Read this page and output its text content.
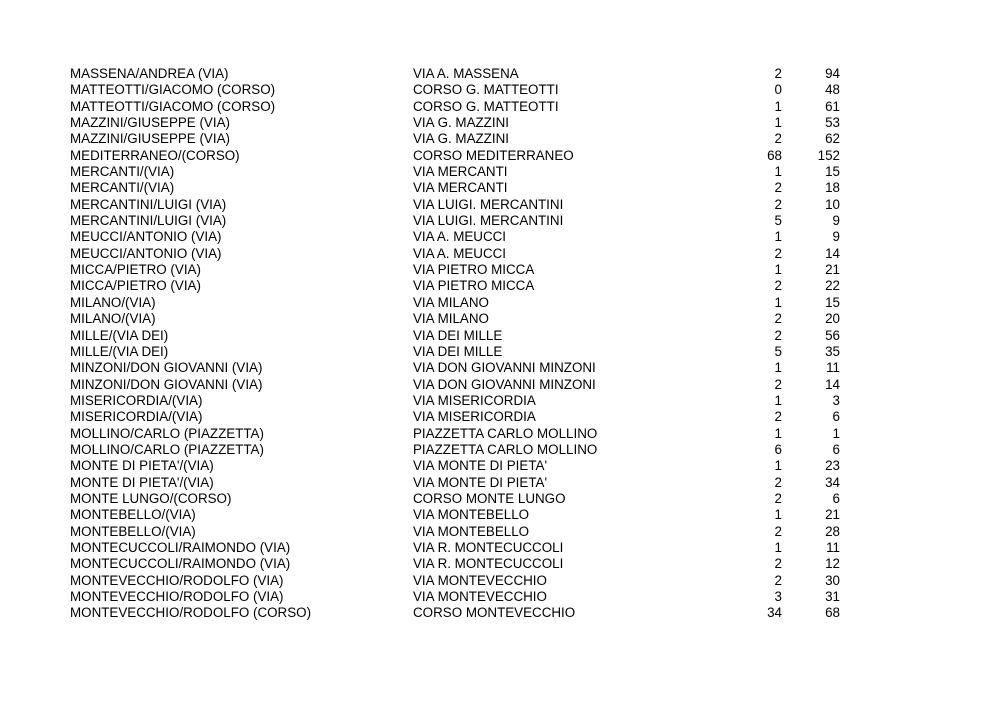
MASSENA/ANDREA (VIA)	VIA A. MASSENA	2	94
MATTEOTTI/GIACOMO (CORSO)	CORSO G. MATTEOTTI	0	48
MATTEOTTI/GIACOMO (CORSO)	CORSO G. MATTEOTTI	1	61
MAZZINI/GIUSEPPE (VIA)	VIA G. MAZZINI	1	53
MAZZINI/GIUSEPPE (VIA)	VIA G. MAZZINI	2	62
MEDITERRANEO/(CORSO)	CORSO MEDITERRANEO	68	152
MERCANTI/(VIA)	VIA MERCANTI	1	15
MERCANTI/(VIA)	VIA MERCANTI	2	18
MERCANTINI/LUIGI (VIA)	VIA LUIGI. MERCANTINI	2	10
MERCANTINI/LUIGI (VIA)	VIA LUIGI. MERCANTINI	5	9
MEUCCI/ANTONIO (VIA)	VIA A. MEUCCI	1	9
MEUCCI/ANTONIO (VIA)	VIA A. MEUCCI	2	14
MICCA/PIETRO (VIA)	VIA PIETRO MICCA	1	21
MICCA/PIETRO (VIA)	VIA PIETRO MICCA	2	22
MILANO/(VIA)	VIA MILANO	1	15
MILANO/(VIA)	VIA MILANO	2	20
MILLE/(VIA DEI)	VIA DEI MILLE	2	56
MILLE/(VIA DEI)	VIA DEI MILLE	5	35
MINZONI/DON GIOVANNI (VIA)	VIA DON GIOVANNI MINZONI	1	11
MINZONI/DON GIOVANNI (VIA)	VIA DON GIOVANNI MINZONI	2	14
MISERICORDIA/(VIA)	VIA MISERICORDIA	1	3
MISERICORDIA/(VIA)	VIA MISERICORDIA	2	6
MOLLINO/CARLO (PIAZZETTA)	PIAZZETTA CARLO MOLLINO	1	1
MOLLINO/CARLO (PIAZZETTA)	PIAZZETTA CARLO MOLLINO	6	6
MONTE DI PIETA'/(VIA)	VIA MONTE DI PIETA'	1	23
MONTE DI PIETA'/(VIA)	VIA MONTE DI PIETA'	2	34
MONTE LUNGO/(CORSO)	CORSO MONTE LUNGO	2	6
MONTEBELLO/(VIA)	VIA MONTEBELLO	1	21
MONTEBELLO/(VIA)	VIA MONTEBELLO	2	28
MONTECUCCOLI/RAIMONDO (VIA)	VIA R. MONTECUCCOLI	1	11
MONTECUCCOLI/RAIMONDO (VIA)	VIA R. MONTECUCCOLI	2	12
MONTEVECCHIO/RODOLFO (VIA)	VIA MONTEVECCHIO	2	30
MONTEVECCHIO/RODOLFO (VIA)	VIA MONTEVECCHIO	3	31
MONTEVECCHIO/RODOLFO (CORSO)	CORSO MONTEVECCHIO	34	68
